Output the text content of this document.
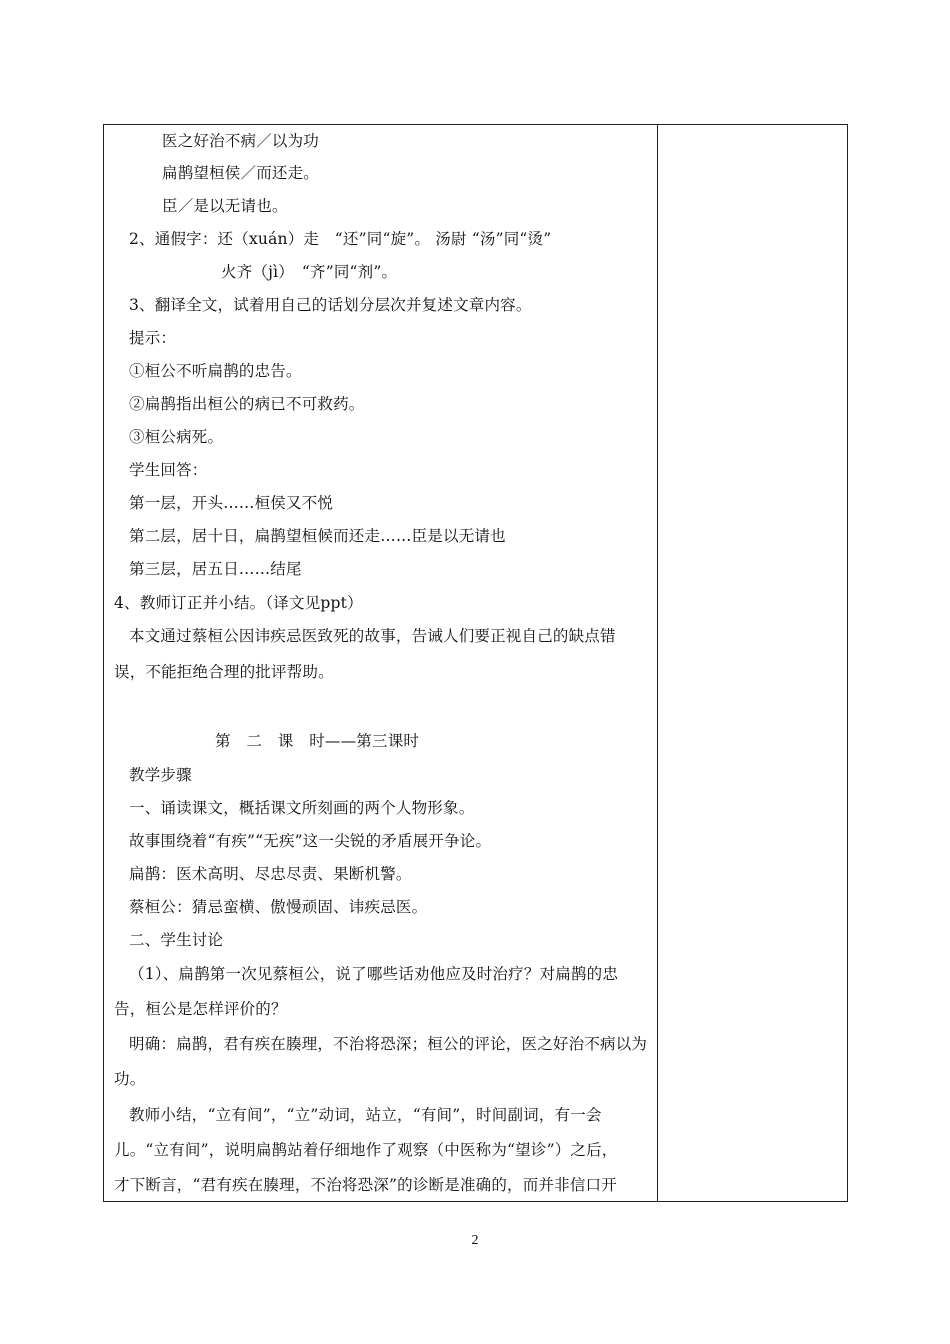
医之好治不病／以为功
扁鹊望桓侯／而还走。
臣／是以无请也。
2、通假字：还（xuán）走　“还”同“旋”。 汤尉 “汤”同“烫”
火齐（jì）　“齐”同“剂”。
3、翻译全文，试着用自己的话划分层次并复述文章内容。
提示：
①桓公不听扁鹊的忠告。
②扁鹊指出桓公的病已不可救药。
③桓公病死。
学生回答：
第一层，开头……桓侯又不悦
第二层，居十日，扁鹊望桓候而还走……臣是以无请也
第三层，居五日……结尾
4、教师订正并小结。（译文见ppt）
本文通过蔡桓公因讳疾忌医致死的故事，告诫人们要正视自己的缺点错
误，不能拒绝合理的批评帮助。
第　二　课　时——第三课时
教学步骤
一、诵读课文，概括课文所刻画的两个人物形象。
故事围绕着“有疾”“无疾”这一尖锐的矛盾展开争论。
扁鹊：医术高明、尽忠尽责、果断机警。
蔡桓公：猜忌蛮横、傲慢顽固、讳疾忌医。
二、学生讨论
（1）、扁鹊第一次见蔡桓公，说了哪些话劝他应及时治疗？对扁鹊的忠
告，桓公是怎样评价的？
明确：扁鹊，君有疾在腠理，不治将恐深；桓公的评论，医之好治不病以为
功。
教师小结，“立有间”，“立”动词，站立，“有间”，时间副词，有一会
儿。“立有间”，说明扁鹊站着仔细地作了观察（中医称为“望诊”）之后，
才下断言，“君有疾在腠理，不治将恐深”的诊断是准确的，而并非信口开
2
